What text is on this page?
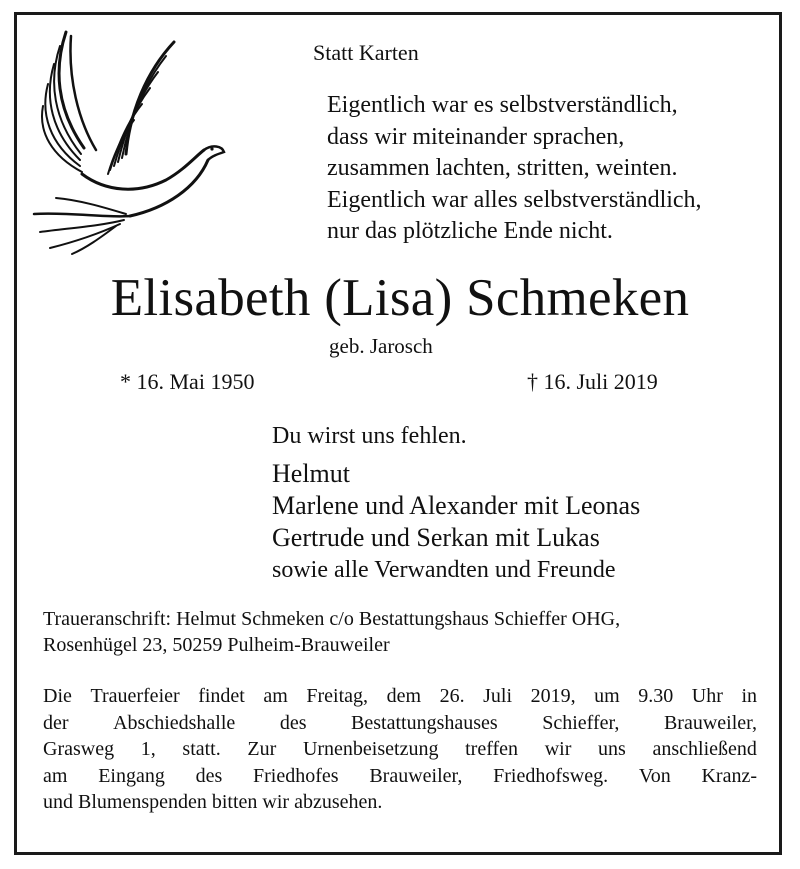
Statt Karten
Eigentlich war es selbstverständlich,
dass wir miteinander sprachen,
zusammen lachten, stritten, weinten.
Eigentlich war alles selbstverständlich,
nur das plötzliche Ende nicht.
Elisabeth (Lisa) Schmeken
geb. Jarosch
* 16. Mai 1950	† 16. Juli 2019
Du wirst uns fehlen.
Helmut
Marlene und Alexander mit Leonas
Gertrude und Serkan mit Lukas
sowie alle Verwandten und Freunde
Traueranschrift: Helmut Schmeken c/o Bestattungshaus Schieffer OHG,
Rosenhügel 23, 50259 Pulheim-Brauweiler
Die Trauerfeier findet am Freitag, dem 26. Juli 2019, um 9.30 Uhr in
der Abschiedshalle des Bestattungshauses Schieffer, Brauweiler,
Grasweg 1, statt. Zur Urnenbeisetzung treffen wir uns anschließend
am Eingang des Friedhofes Brauweiler, Friedhofsweg. Von Kranz-
und Blumenspenden bitten wir abzusehen.
